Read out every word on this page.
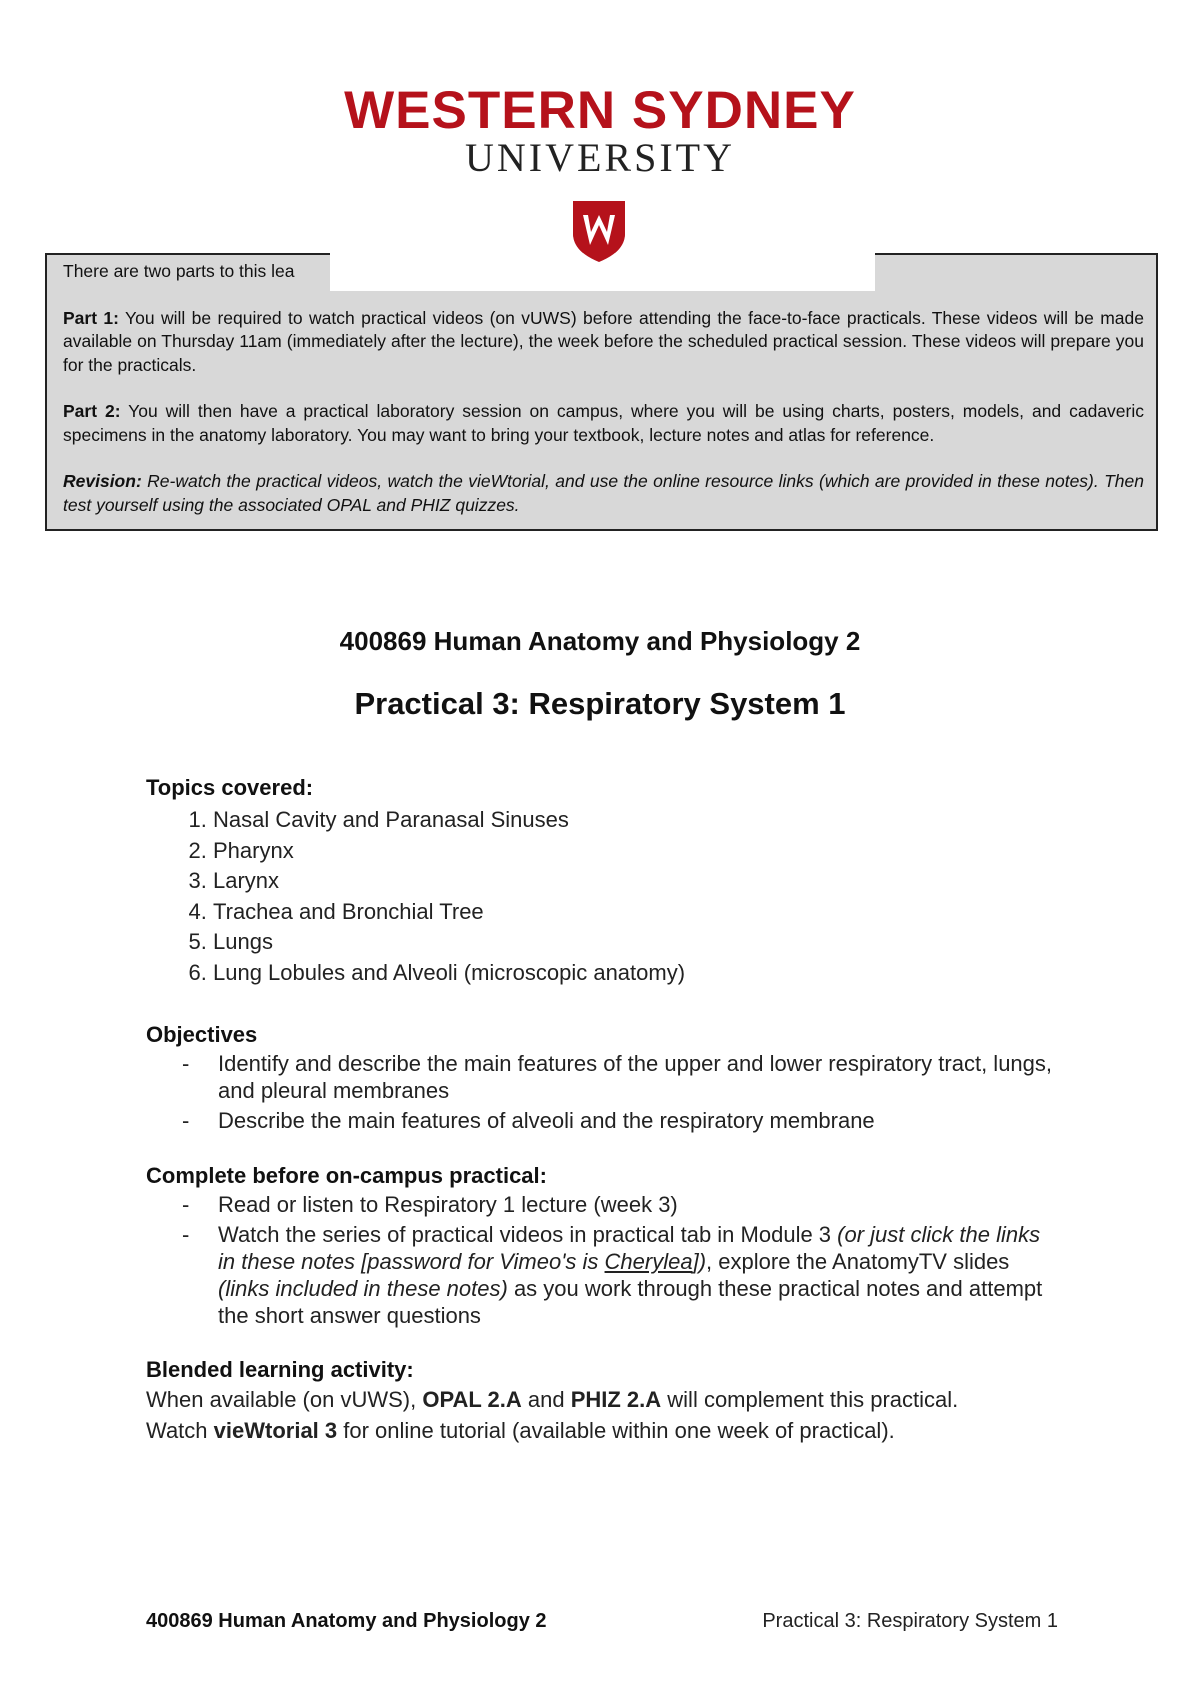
WESTERN SYDNEY
UNIVERSITY

There are two parts to this lea

Part 1: You will be required to watch practical videos (on vUWS) before attending the face-to-face practicals. These videos will be made available on Thursday 11am (immediately after the lecture), the week before the scheduled practical session. These videos will prepare you for the practicals.

Part 2: You will then have a practical laboratory session on campus, where you will be using charts, posters, models, and cadaveric specimens in the anatomy laboratory. You may want to bring your textbook, lecture notes and atlas for reference.

Revision: Re-watch the practical videos, watch the vieWtorial, and use the online resource links (which are provided in these notes). Then test yourself using the associated OPAL and PHIZ quizzes.

400869 Human Anatomy and Physiology 2
Practical 3: Respiratory System 1

Topics covered:

1. Nasal Cavity and Paranasal Sinuses
2. Pharynx
3. Larynx
4. Trachea and Bronchial Tree
5. Lungs
6. Lung Lobules and Alveoli (microscopic anatomy)

Objectives

- Identify and describe the main features of the upper and lower respiratory tract, lungs, and pleural membranes
- Describe the main features of alveoli and the respiratory membrane

Complete before on-campus practical:

- Read or listen to Respiratory 1 lecture (week 3)
- Watch the series of practical videos in practical tab in Module 3 (or just click the links in these notes [password for Vimeo's is Cherylea]), explore the AnatomyTV slides (links included in these notes) as you work through these practical notes and attempt the short answer questions

Blended learning activity:

When available (on vUWS), OPAL 2.A and PHIZ 2.A will complement this practical.

Watch vieWtorial 3 for online tutorial (available within one week of practical).

400869 Human Anatomy and Physiology 2	Practical 3: Respiratory System 1
